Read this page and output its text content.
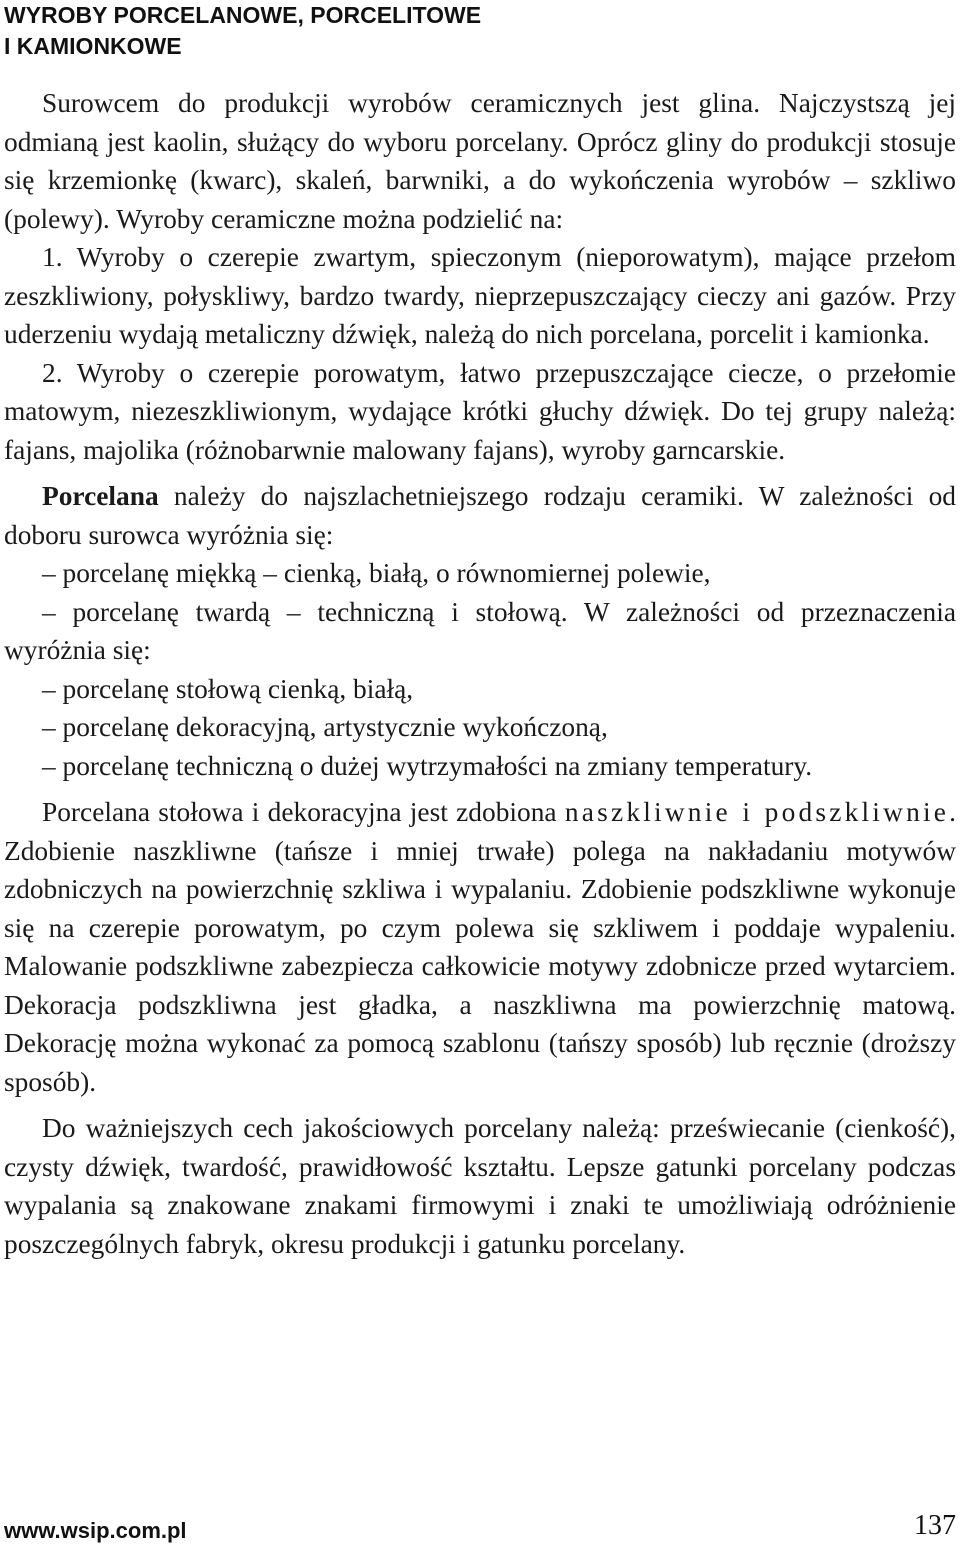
WYROBY PORCELANOWE, PORCELITOWE
I KAMIONKOWE

Surowcem do produkcji wyrobów ceramicznych jest glina. Najczystszą jej odmianą jest kaolin, służący do wyboru porcelany. Oprócz gliny do produkcji stosuje się krzemionkę (kwarc), skaleń, barwniki, a do wykończenia wyrobów – szkliwo (polewy). Wyroby ceramiczne można podzielić na:

1. Wyroby o czerepie zwartym, spieczonym (nieporowatym), mające przełom zeszkliwiony, połyskliwy, bardzo twardy, nieprzepuszczający cieczy ani gazów. Przy uderzeniu wydają metaliczny dźwięk, należą do nich porcelana, porcelit i kamionka.

2. Wyroby o czerepie porowatym, łatwo przepuszczające ciecze, o przełomie matowym, niezeszkliwionym, wydające krótki głuchy dźwięk. Do tej grupy należą: fajans, majolika (różnobarwnie malowany fajans), wyroby garncarskie.

Porcelana należy do najszlachetniejszego rodzaju ceramiki. W zależności od doboru surowca wyróżnia się:

– porcelanę miękką – cienką, białą, o równomiernej polewie,
– porcelanę twardą – techniczną i stołową. W zależności od przeznaczenia wyróżnia się:
– porcelanę stołową cienką, białą,
– porcelanę dekoracyjną, artystycznie wykończoną,
– porcelanę techniczną o dużej wytrzymałości na zmiany temperatury.

Porcelana stołowa i dekoracyjna jest zdobiona naszkliwnie i podszkliwnie. Zdobienie naszkliwne (tańsze i mniej trwałe) polega na nakładaniu motywów zdobniczych na powierzchnię szkliwa i wypalaniu. Zdobienie podszkliwne wykonuje się na czerepie porowatym, po czym polewa się szkliwem i poddaje wypaleniu. Malowanie podszkliwne zabezpiecza całkowicie motywy zdobnicze przed wytarciem. Dekoracja podszkliwna jest gładka, a naszkliwna ma powierzchnię matową. Dekorację można wykonać za pomocą szablonu (tańszy sposób) lub ręcznie (droższy sposób).

Do ważniejszych cech jakościowych porcelany należą: przeświecanie (cienkość), czysty dźwięk, twardość, prawidłowość kształtu. Lepsze gatunki porcelany podczas wypalania są znakowane znakami firmowymi i znaki te umożliwiają odróżnienie poszczególnych fabryk, okresu produkcji i gatunku porcelany.

www.wsip.com.pl	137
